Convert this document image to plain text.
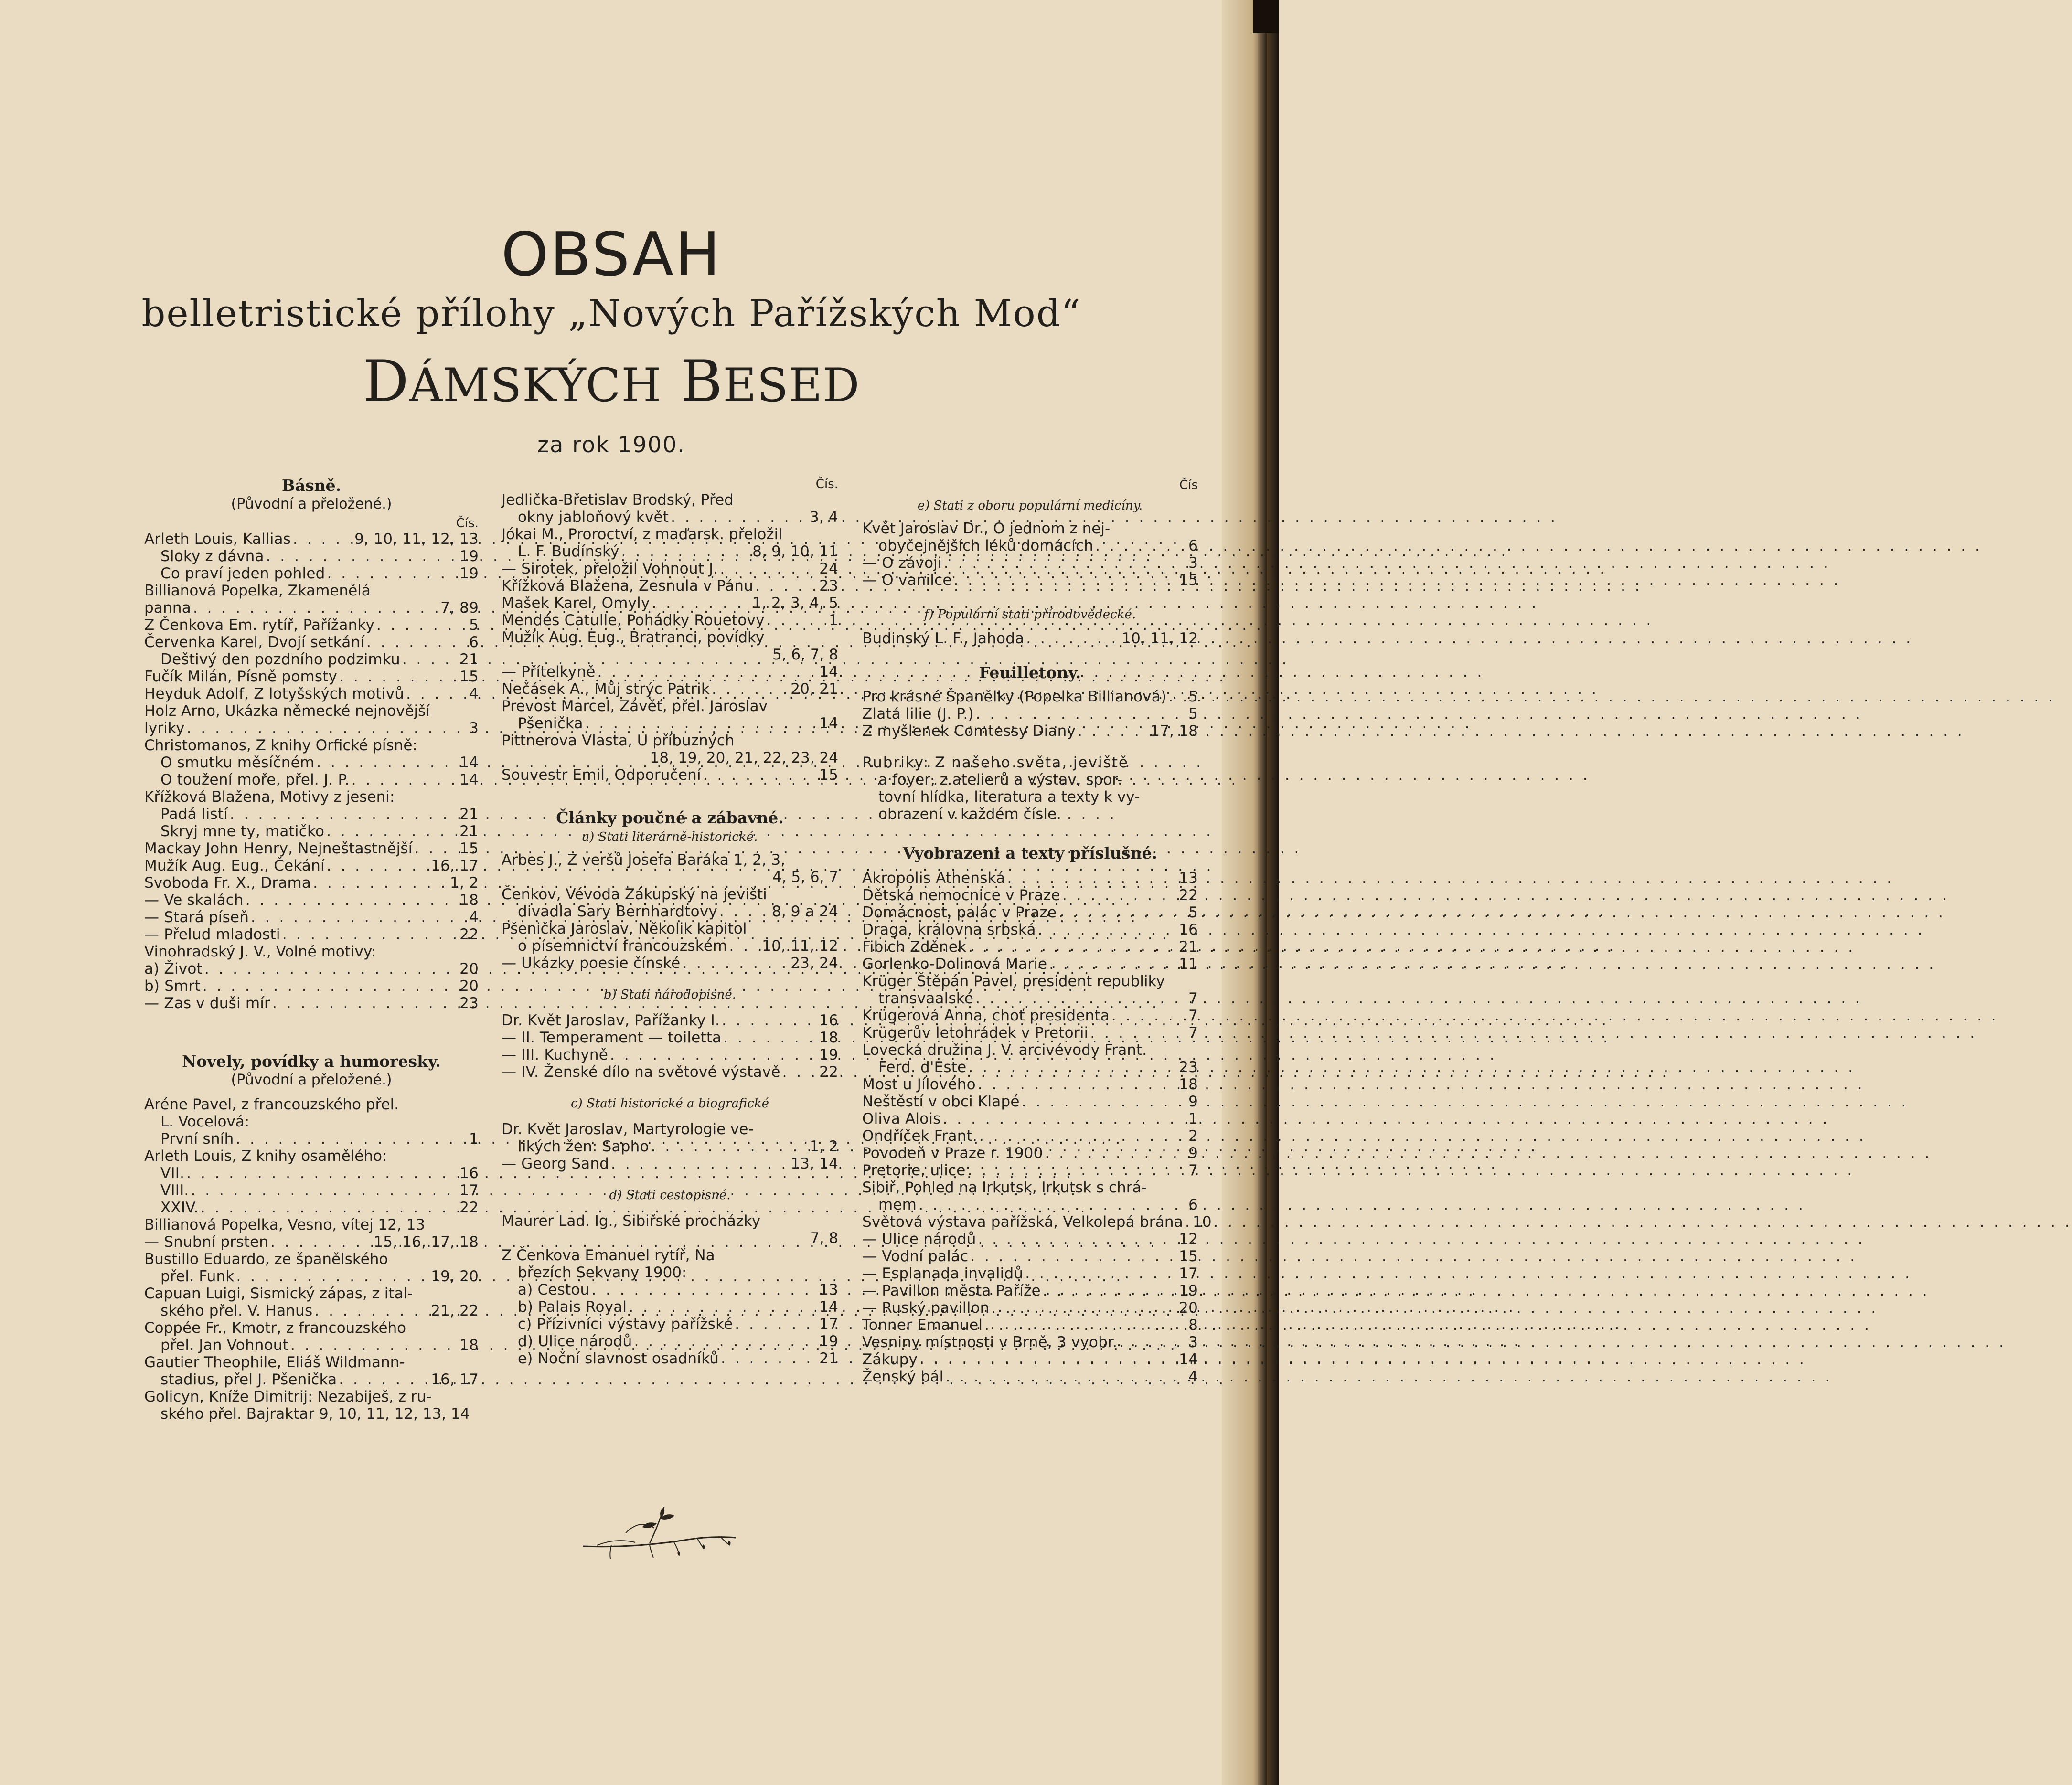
OBSAH
belletristické přílohy „Nových Pařížských Mod“
DÁMSKÝCH BESED
za rok 1900.
Básně.
(Původní a přeložené.)
Čís.
Arleth Louis, Kallias . . .	9, 10, 11, 12, 13
Sloky z dávna . . .	19
Co praví jeden pohled . . .	19
Billianová Popelka, Zkamenělá
panna . . .	7, 89
Z Čenkova Em. rytíř, Pařížanky . . .	5
Červenka Karel, Dvojí setkání . . .	6
Deštivý den pozdního podzimku . . .	21
Fučík Milán, Písně pomsty . . .	15
Heyduk Adolf, Z lotyšských motivů . . .	4
Holz Arno, Ukázka německé nejnovější
lyriky . . .	3
Christomanos, Z knihy Orfické písně:
O smutku měsíčném . . .	14
O toužení moře, přel. J. P. . . .	14
Křížková Blažena, Motivy z jeseni:
Padá listí . . .	21
Skryj mne ty, matičko . . .	21
Mackay John Henry, Nejneštastnější . . .	15
Mužík Aug. Eug., Čekání . . .	16, 17
Svoboda Fr. X., Drama . . .	1, 2
— Ve skalách . . .	18
— Stará píseň . . .	4
— Přelud mladosti . . .	22
Vinohradský J. V., Volné motivy:
a) Život . . .	20
b) Smrt . . .	20
— Zas v duši mír . . .	23
Novely, povídky a humoresky.
(Původní a přeložené.)
Aréne Pavel, z francouzského přel.
L. Vocelová:
První sníh . . .	1
Arleth Louis, Z knihy osamělého:
VII. . . .	16
VIII. . . .	17
XXIV. . . .	22
Billianová Popelka, Vesno, vítej 12, 13
— Snubní prsten . . .	15, 16, 17, 18
Bustillo Eduardo, ze španělského
přel. Funk . . .	19, 20
Capuan Luigi, Sismický zápas, z ital-
ského přel. V. Hanus . . .	21, 22
Coppée Fr., Kmotr, z francouzského
přel. Jan Vohnout . . .	18
Gautier Theophile, Eliáš Wildmann-
stadius, přel J. Pšenička . . .	16, 17
Golicyn, Kníže Dimitrij: Nezabiješ, z ru-
ského přel. Bajraktar 9, 10, 11, 12, 13, 14
Čís.
Jedlička-Břetislav Brodský, Před
okny jabloňový květ . . .	3, 4
Jókai M., Proroctví, z maďarsk. přeložil
L. F. Budínský . . .	8, 9, 10, 11
— Sirotek, přeložil Vohnout J. . . .	24
Křížková Blažena, Zesnula v Pánu . . .	23
Mašek Karel, Omyly . . .	1, 2, 3, 4, 5
Mendés Catulle, Pohádky Rouetovy . . .	1
Mužík Aug. Eug., Bratranci, povídky
5, 6, 7, 8
— Přítelkyně . . .	14
Nečásek A., Můj strýc Patrik . . .	20, 21
Prevost Marcel, Závěť, přel. Jaroslav
Pšenička . . .	14
Pittnerova Vlasta, U příbuzných
18, 19, 20, 21, 22, 23, 24
Souvestr Emil, Odporučení . . .	15
Články poučné a zábavné.
a) Stati literárně-historické.
Arbes J., Z veršů Josefa Baráka 1, 2, 3,
4, 5, 6, 7
Čenkov, Vévoda Zákupský na jevišti
divadla Sary Bernhardtovy . . .	8, 9 a 24
Pšenička Jaroslav, Několik kapitol
o písemnictví francouzském . . . 10, 11, 12
— Ukázky poesie čínské . . .	23, 24
b) Stati národopisné.
Dr. Květ Jaroslav, Pařížanky I. . . .	16
— II. Temperament — toiletta . . .	18
— III. Kuchyně . . .	19
— IV. Ženské dílo na světové výstavě . . .	22
c) Stati historické a biografické
Dr. Květ Jaroslav, Martyrologie ve-
likých žen: Sapho . . .	1, 2
— Georg Sand . . .	13, 14
d) Stati cestopisné.
Maurer Lad. Ig., Sibiřské procházky
7, 8
Z Čenkova Emanuel rytíř, Na
březích Sekvany 1900:
a) Cestou . . .	13
b) Palais Royal . . .	14
c) Přízivníci výstavy pařížské . . .	17
d) Ulice národů . . .	19
e) Noční slavnost osadníků . . .	21
Čís
e) Stati z oboru populární medicíny.
Květ Jaroslav Dr., O jednom z nej-
obyčejnějších léků domácích . . .	6
— O závoji . . .	3
— O vanilce . . .	15
f) Populární stati přírodovědecké.
Budinský L. F., Jahoda . . .	10, 11, 12
Feuilletony.
Pro krásné Španělky (Popelka Billianová) . . . 5
Zlatá lilie (J. P.) . . .	5
Z myšlenek Comtessy Diany . . .	17, 18
Rubriky: Z našeho světa, jeviště
a foyer, z atelierů a výstav, spor-
tovní hlídka, literatura a texty k vy-
obrazení v každém čísle.
Vyobrazeni a texty příslušné.
Akropolis Athenská . . .	13
Dětská nemocnice v Praze . . .	22
Domácnost, palác v Praze . . .	5
Draga, královna srbská . . .	16
Fibich Zděnek . . .	21
Gorlenko-Dolinová Marie . . .	11
Krüger Štěpán Pavel, president republiky
transvaalské . . .	7
Krügerová Anna, choť presidenta . . .	7
Krügerův letohrádek v Pretorii . . .	7
Lovecká družina J. V. arcivévody Frant.
Ferd. d'Este . . .	23
Most u Jílového . . .	18
Neštěstí v obci Klapé . . .	9
Oliva Alois . . .	1
Ondříček Frant. . . .	2
Povodeň v Praze r. 1900 . . .	9
Pretorie, ulice . . .	7
Sibiř, Pohled na Irkutsk, Irkutsk s chrá-
mem . . .	6
Světová výstava pařížská, Velkolepá brána . . . 10
— Ulice národů . . .	12
— Vodní palác . . .	15
— Esplanada invalidů . . .	17
— Pavillon města Paříže . . .	19
— Ruský pavillon . . .	20
Tonner Emanuel . . .	8
Vesniny místnosti v Brně, 3 vyobr. . . .	3
Zákupy . . .	14
Ženský bál . . .	4
